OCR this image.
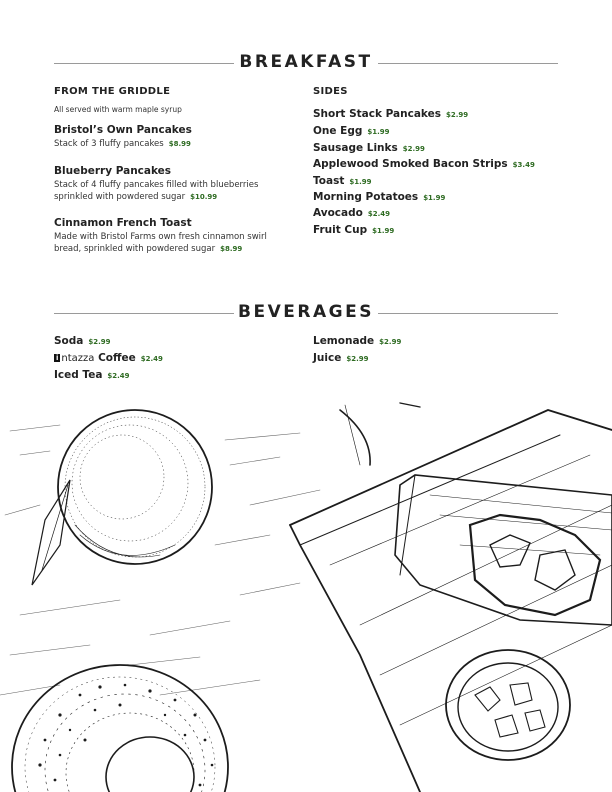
BREAKFAST
FROM THE GRIDDLE
All served with warm maple syrup
Bristol’s Own Pancakes
Stack of 3 fluffy pancakes $8.99
Blueberry Pancakes
Stack of 4 fluffy pancakes filled with blueberries
sprinkled with powdered sugar $10.99
Cinnamon French Toast
Made with Bristol Farms own fresh cinnamon swirl
bread, sprinkled with powdered sugar $8.99
SIDES
Short Stack Pancakes $2.99
One Egg $1.99
Sausage Links $2.99
Applewood Smoked Bacon Strips $3.49
Toast $1.99
Morning Potatoes $1.99
Avocado $2.49
Fruit Cup $1.99
BEVERAGES
Soda $2.99
i ntazza Coffee $2.49
Iced Tea $2.49
Lemonade $2.99
Juice $2.99
